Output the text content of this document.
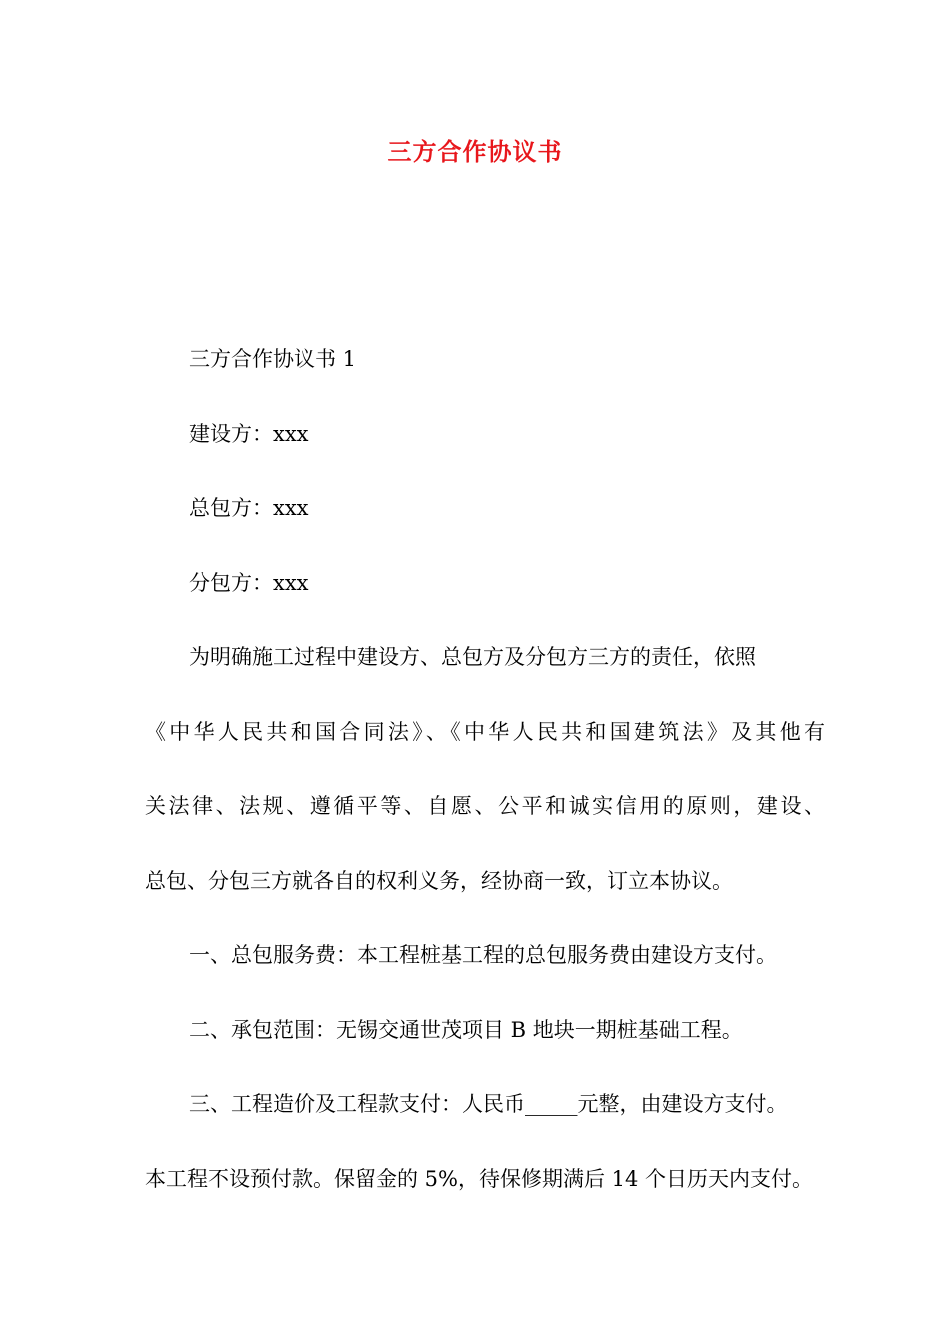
三方合作协议书
三方合作协议书 1
建设方：xxx
总包方：xxx
分包方：xxx
为明确施工过程中建设方、总包方及分包方三方的责任，依照
《中华人民共和国合同法》、《中华人民共和国建筑法》及其他有
关法律、法规、遵循平等、自愿、公平和诚实信用的原则，建设、
总包、分包三方就各自的权利义务，经协商一致，订立本协议。
一、总包服务费：本工程桩基工程的总包服务费由建设方支付。
二、承包范围：无锡交通世茂项目 B 地块一期桩基础工程。
三、工程造价及工程款支付：人民币_____元整，由建设方支付。
本工程不设预付款。保留金的 5%，待保修期满后 14 个日历天内支付。
